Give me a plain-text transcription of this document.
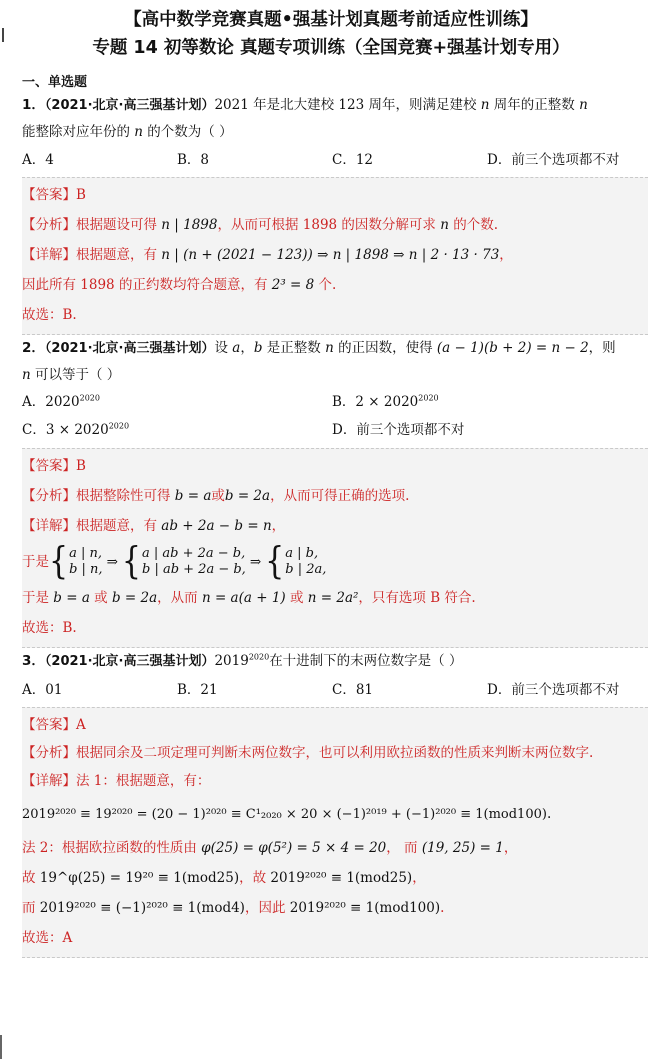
【高中数学竞赛真题•强基计划真题考前适应性训练】
专题 14 初等数论 真题专项训练（全国竞赛+强基计划专用）
一、单选题
1．（2021·北京·高三强基计划）2021 年是北大建校 123 周年，则满足建校 n 周年的正整数 n
能整除对应年份的 n 的个数为（ ）
A．4	B．8	C．12	D．前三个选项都不对
【答案】B
【分析】根据题设可得 n | 1898，从而可根据 1898 的因数分解可求 n 的个数.
【详解】根据题意，有 n | (n + (2021 − 123)) ⇒ n | 1898 ⇒ n | 2 · 13 · 73，
因此所有 1898 的正约数均符合题意，有 2³ = 8 个.
故选：B.
2．（2021·北京·高三强基计划）设 a，b 是正整数 n 的正因数，使得 (a − 1)(b + 2) = n − 2，则
n 可以等于（ ）
A．$2020^{2020}$	B．$2 \times 2020^{2020}$
C．$3 \times 2020^{2020}$	D．前三个选项都不对
【答案】B
【分析】根据整除性可得 b = a或b = 2a，从而可得正确的选项.
【详解】根据题意，有 ab + 2a − b = n，
于是 { a | n,
b | n, ⇒ { a | ab + 2a − b,
b | ab + 2a − b, ⇒ { a | b,
b | 2a,
于是 b = a 或 b = 2a，从而 n = a(a + 1) 或 n = 2a²，只有选项 B 符合.
故选：B.
3．（2021·北京·高三强基计划）$2019^{2020}$在十进制下的末两位数字是（ ）
A．01	B．21	C．81	D．前三个选项都不对
【答案】A
【分析】根据同余及二项定理可判断末两位数字，也可以利用欧拉函数的性质来判断末两位数字.
【详解】法 1：根据题意，有：
2019²⁰²⁰ ≡ 19²⁰²⁰ = (20 − 1)²⁰²⁰ ≡ C¹₂₀₂₀ × 20 × (−1)²⁰¹⁹ + (−1)²⁰²⁰ ≡ 1(mod100).
法 2：根据欧拉函数的性质由 φ(25) = φ(5²) = 5 × 4 = 20， 而 (19, 25) = 1，
故 19^φ(25) = 19²⁰ ≡ 1(mod25)，故 2019²⁰²⁰ ≡ 1(mod25)，
而 2019²⁰²⁰ ≡ (−1)²⁰²⁰ ≡ 1(mod4)，因此 2019²⁰²⁰ ≡ 1(mod100).
故选：A
